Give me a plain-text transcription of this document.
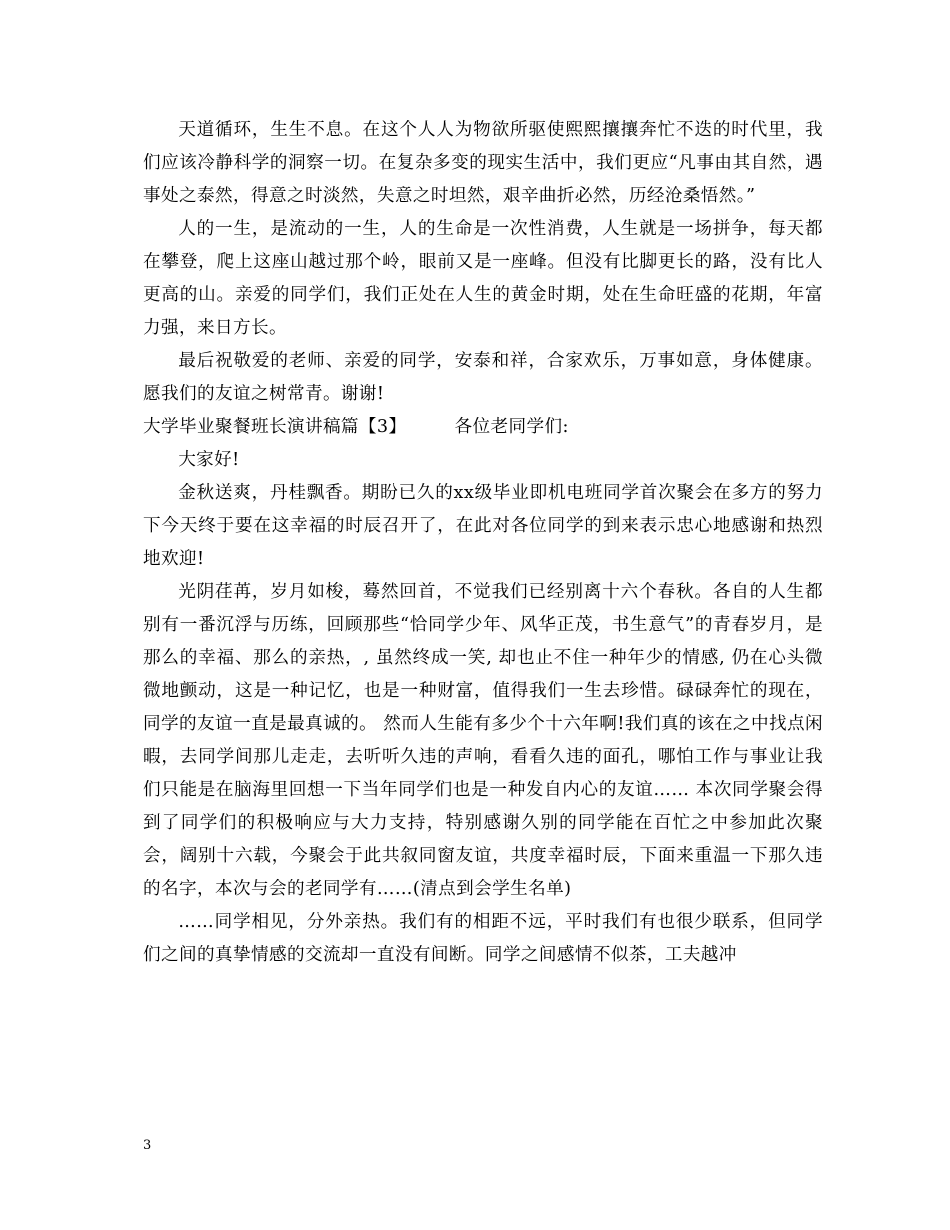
天道循环，生生不息。在这个人人为物欲所驱使熙熙攘攘奔忙不迭的时代里，我们应该冷静科学的洞察一切。在复杂多变的现实生活中，我们更应“凡事由其自然，遇事处之泰然，得意之时淡然，失意之时坦然，艰辛曲折必然，历经沧桑悟然。”

人的一生，是流动的一生，人的生命是一次性消费，人生就是一场拼争，每天都在攀登，爬上这座山越过那个岭，眼前又是一座峰。但没有比脚更长的路，没有比人更高的山。亲爱的同学们，我们正处在人生的黄金时期，处在生命旺盛的花期，年富力强，来日方长。

最后祝敬爱的老师、亲爱的同学，安泰和祥，合家欢乐，万事如意，身体健康。愿我们的友谊之树常青。谢谢!

大学毕业聚餐班长演讲稿篇【3】	各位老同学们:

大家好!

金秋送爽，丹桂飘香。期盼已久的xx级毕业即机电班同学首次聚会在多方的努力下今天终于要在这幸福的时辰召开了，在此对各位同学的到来表示忠心地感谢和热烈地欢迎!

光阴荏苒，岁月如梭，蓦然回首，不觉我们已经别离十六个春秋。各自的人生都别有一番沉浮与历练，回顾那些“恰同学少年、风华正茂，书生意气”的青春岁月，是那么的幸福、那么的亲热，, 虽然终成一笑, 却也止不住一种年少的情感, 仍在心头微微地颤动，这是一种记忆，也是一种财富，值得我们一生去珍惜。碌碌奔忙的现在，同学的友谊一直是最真诚的。 然而人生能有多少个十六年啊!我们真的该在之中找点闲暇，去同学间那儿走走，去听听久违的声响，看看久违的面孔，哪怕工作与事业让我们只能是在脑海里回想一下当年同学们也是一种发自内心的友谊…… 本次同学聚会得到了同学们的积极响应与大力支持，特别感谢久别的同学能在百忙之中参加此次聚会，阔别十六载，今聚会于此共叙同窗友谊，共度幸福时辰，下面来重温一下那久违的名字，本次与会的老同学有……(清点到会学生名单)

……同学相见，分外亲热。我们有的相距不远，平时我们有也很少联系，但同学们之间的真挚情感的交流却一直没有间断。同学之间感情不似茶，工夫越冲

3
